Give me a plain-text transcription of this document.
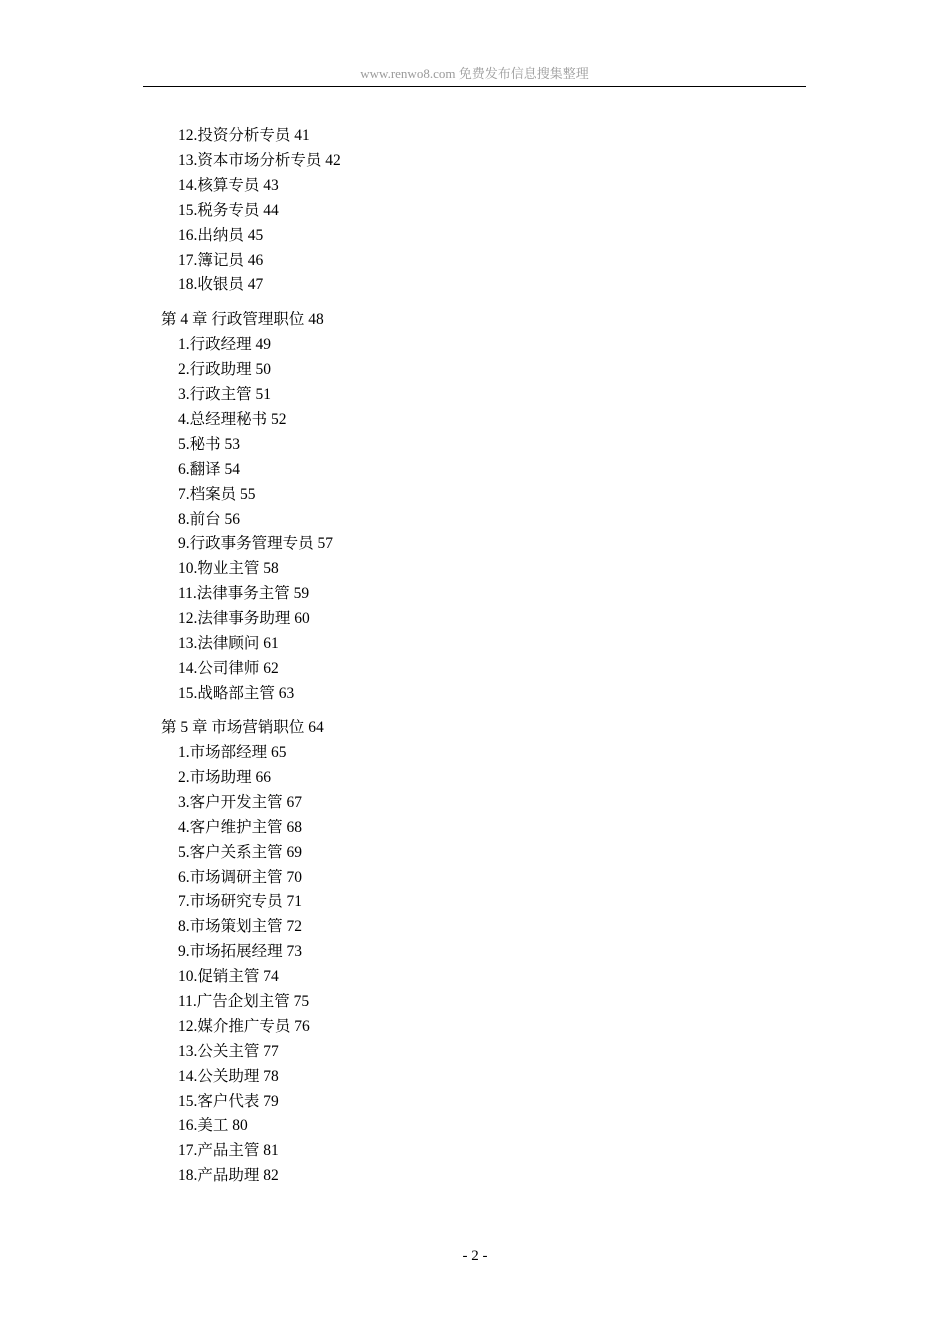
www.renwo8.com 免费发布信息搜集整理
12.投资分析专员 41
13.资本市场分析专员 42
14.核算专员 43
15.税务专员 44
16.出纳员 45
17.簿记员 46
18.收银员 47
第 4 章 行政管理职位 48
1.行政经理 49
2.行政助理 50
3.行政主管 51
4.总经理秘书 52
5.秘书 53
6.翻译 54
7.档案员 55
8.前台 56
9.行政事务管理专员 57
10.物业主管 58
11.法律事务主管 59
12.法律事务助理 60
13.法律顾问 61
14.公司律师 62
15.战略部主管 63
第 5 章 市场营销职位 64
1.市场部经理 65
2.市场助理 66
3.客户开发主管 67
4.客户维护主管 68
5.客户关系主管 69
6.市场调研主管 70
7.市场研究专员 71
8.市场策划主管 72
9.市场拓展经理 73
10.促销主管 74
11.广告企划主管 75
12.媒介推广专员 76
13.公关主管 77
14.公关助理 78
15.客户代表 79
16.美工 80
17.产品主管 81
18.产品助理 82
- 2 -
